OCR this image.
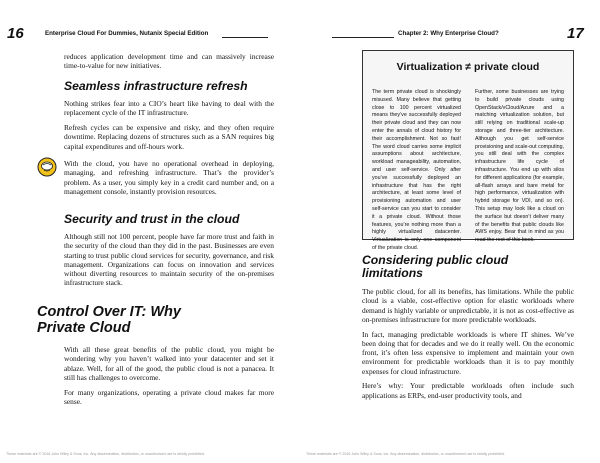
16	Enterprise Cloud For Dummies, Nutanix Special Edition

reduces application development time and can massively increase time-to-value for new initiatives.

Seamless infrastructure refresh

Nothing strikes fear into a CIO’s heart like having to deal with the replacement cycle of the IT infrastructure.

Refresh cycles can be expensive and risky, and they often require downtime. Replacing dozens of structures such as a SAN requires big capital expenditures and off-hours work.

With the cloud, you have no operational overhead in deploying, managing, and refreshing infrastructure. That’s the provider’s problem. As a user, you simply key in a credit card number and, on a management console, instantly provision resources.

Security and trust in the cloud

Although still not 100 percent, people have far more trust and faith in the security of the cloud than they did in the past. Businesses are even starting to trust public cloud services for security, governance, and risk management. Organizations can focus on innovation and services without diverting resources to maintain security of the on-premises infrastructure stack.

Control Over IT: Why
Private Cloud

With all these great benefits of the public cloud, you might be wondering why you haven’t walked into your datacenter and set it ablaze. Well, for all of the good, the public cloud is not a panacea. It still has challenges to overcome.

For many organizations, operating a private cloud makes far more sense.

These materials are © 2016 John Wiley & Sons, Inc. Any dissemination, distribution, or unauthorized use is strictly prohibited.
Chapter 2: Why Enterprise Cloud?	17
Virtualization ≠ private cloud

The term private cloud is shockingly misused. Many believe that getting close to 100 percent virtualized means they’ve successfully deployed their private cloud and they can now enter the annals of cloud history for their accomplishment. Not so fast! The word cloud carries some implicit assumptions about architecture, workload manageability, automation, and user self-service. Only after you’ve successfully deployed an infrastructure that has the right architecture, at least some level of provisioning automation and user self-service can you start to consider it a private cloud. Without those features, you’re nothing more than a highly virtualized datacenter. Virtualization is only one component of the private cloud.

Further, some businesses are trying to build private clouds using OpenStack/vCloud/Azure and a matching virtualization solution, but still relying on traditional scale-up storage and three-tier architecture. Although you get self-service provisioning and scale-out computing, you still deal with the complex infrastructure life cycle of infrastructure. You end up with silos for different applications (for example, all-flash arrays and bare metal for high performance, virtualization with hybrid storage for VDI, and so on). This setup may look like a cloud on the surface but doesn’t deliver many of the benefits that public clouds like AWS enjoy. Bear that in mind as you read the rest of this book.

Considering public cloud
limitations

The public cloud, for all its benefits, has limitations. While the public cloud is a viable, cost-effective option for elastic workloads where demand is highly variable or unpredictable, it is not as cost-effective as on-premises infrastructure for more predictable workloads.

In fact, managing predictable workloads is where IT shines. We’ve been doing that for decades and we do it really well. On the economic front, it’s often less expensive to implement and maintain your own environment for predictable workloads than it is to pay monthly expenses for cloud infrastructure.

Here’s why: Your predictable workloads often include such applications as ERPs, end-user productivity tools, and

These materials are © 2016 John Wiley & Sons, Inc. Any dissemination, distribution, or unauthorized use is strictly prohibited.
